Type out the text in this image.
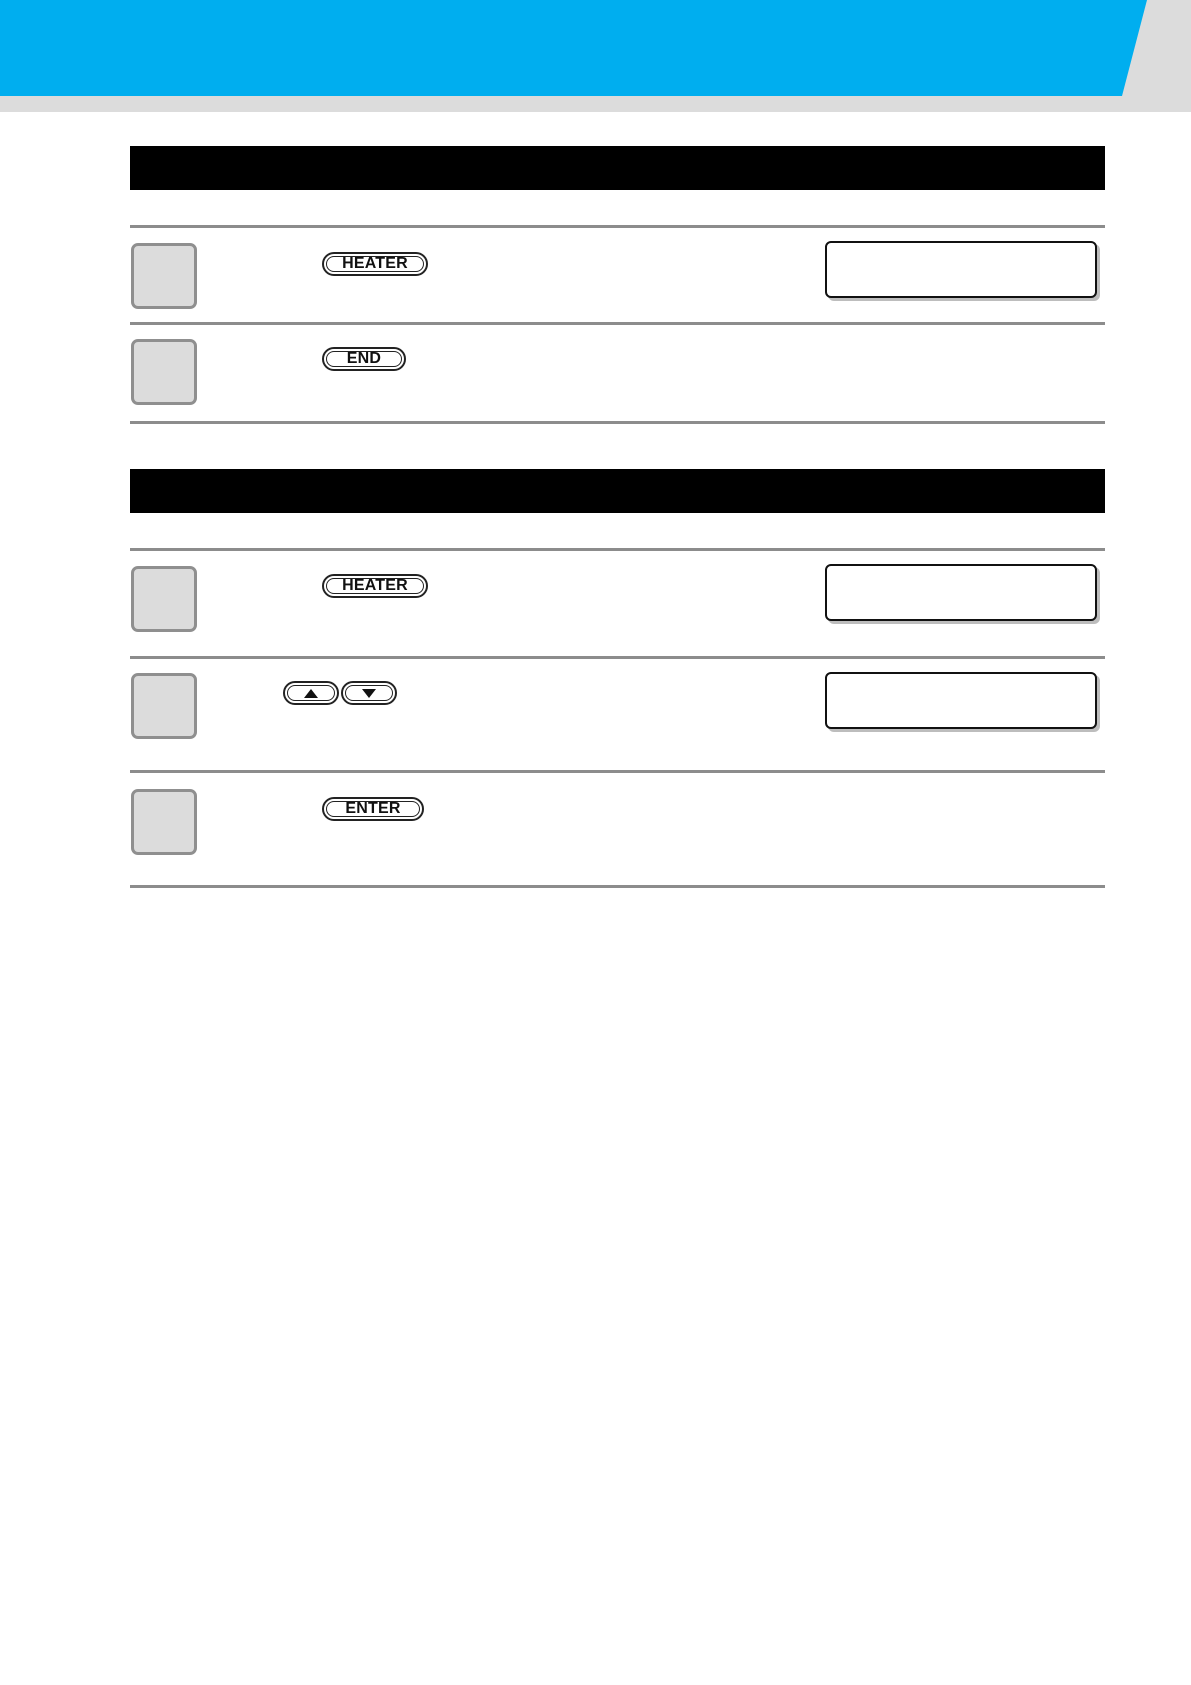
HEATER
END
HEATER
ENTER
